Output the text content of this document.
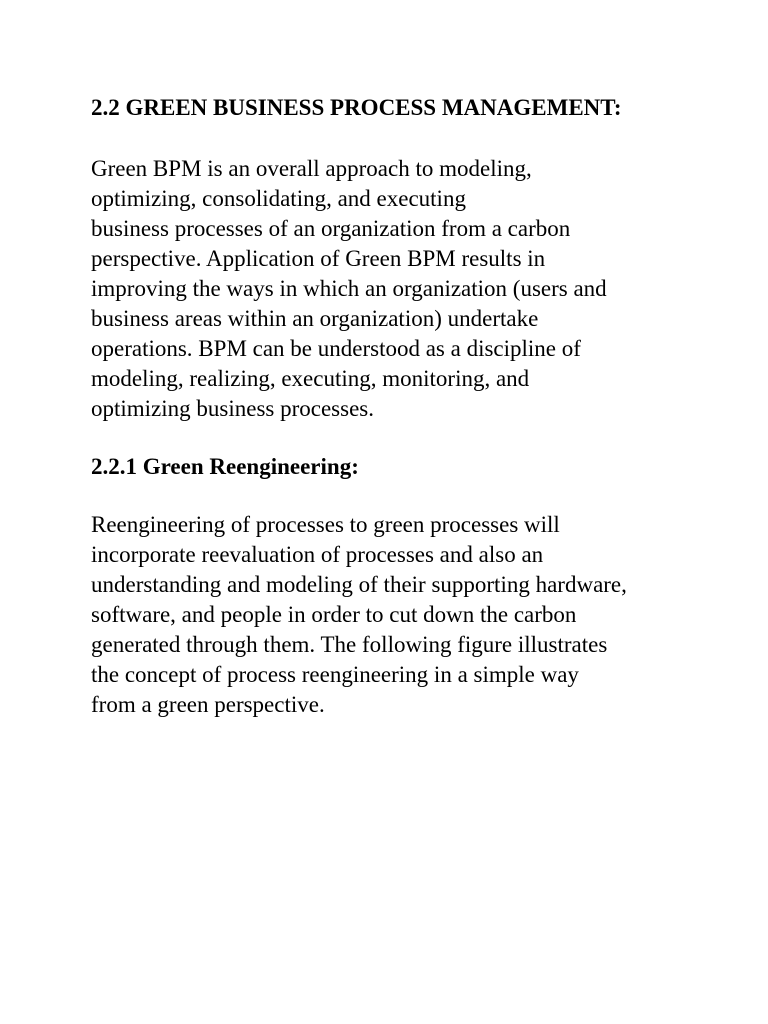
2.2 GREEN BUSINESS PROCESS MANAGEMENT:

Green BPM is an overall approach to modeling,
optimizing, consolidating, and executing
business processes of an organization from a carbon
perspective. Application of Green BPM results in
improving the ways in which an organization (users and
business areas within an organization) undertake
operations. BPM can be understood as a discipline of
modeling, realizing, executing, monitoring, and
optimizing business processes.

2.2.1 Green Reengineering:

Reengineering of processes to green processes will
incorporate reevaluation of processes and also an
understanding and modeling of their supporting hardware,
software, and people in order to cut down the carbon
generated through them. The following figure illustrates
the concept of process reengineering in a simple way
from a green perspective.
